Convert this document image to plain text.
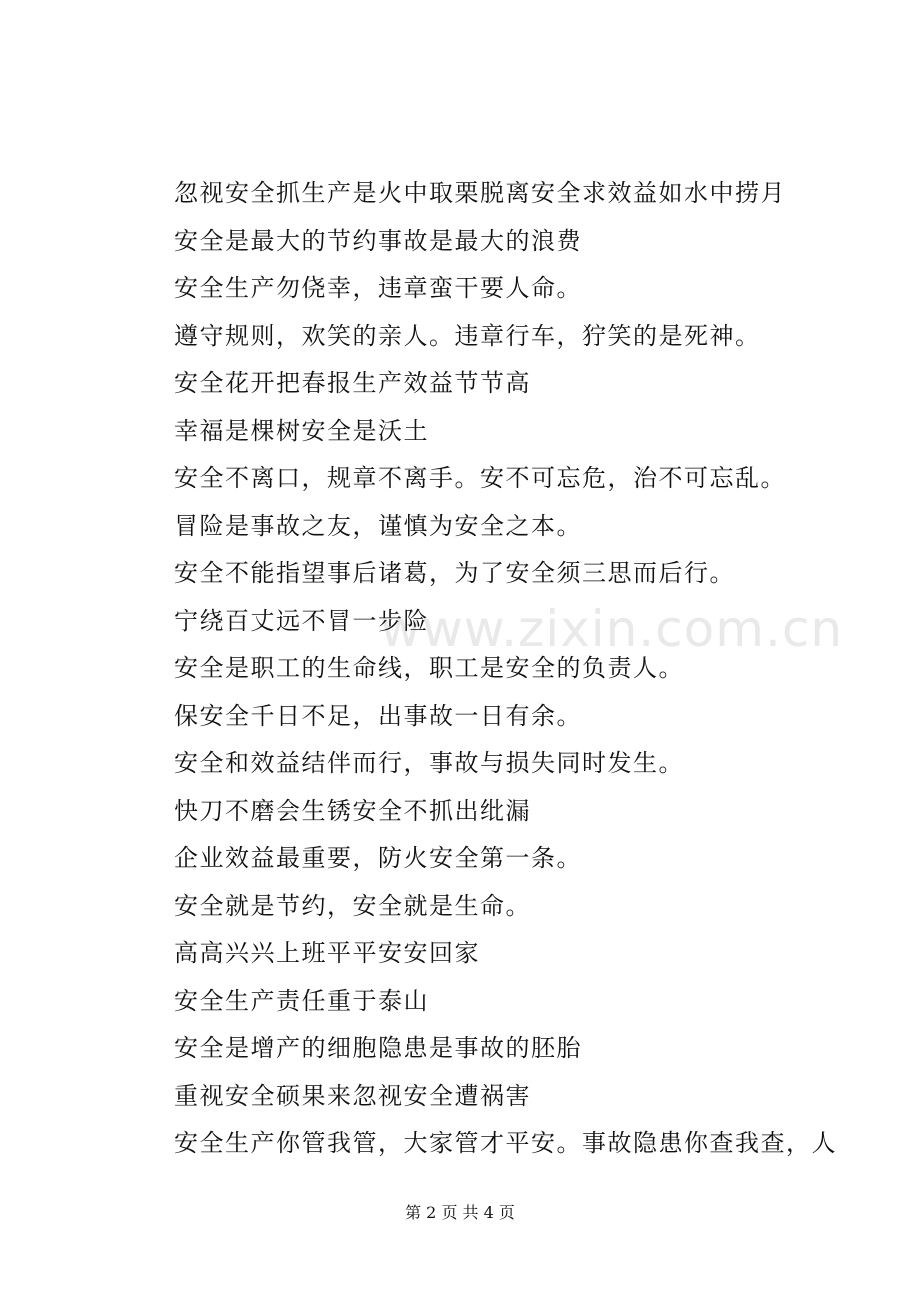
www.zixin.com.cn
忽视安全抓生产是火中取栗脱离安全求效益如水中捞月
安全是最大的节约事故是最大的浪费
安全生产勿侥幸，违章蛮干要人命。
遵守规则，欢笑的亲人。违章行车，狞笑的是死神。
安全花开把春报生产效益节节高
幸福是棵树安全是沃土
安全不离口，规章不离手。安不可忘危，治不可忘乱。
冒险是事故之友，谨慎为安全之本。
安全不能指望事后诸葛，为了安全须三思而后行。
宁绕百丈远不冒一步险
安全是职工的生命线，职工是安全的负责人。
保安全千日不足，出事故一日有余。
安全和效益结伴而行，事故与损失同时发生。
快刀不磨会生锈安全不抓出纰漏
企业效益最重要，防火安全第一条。
安全就是节约，安全就是生命。
高高兴兴上班平平安安回家
安全生产责任重于泰山
安全是增产的细胞隐患是事故的胚胎
重视安全硕果来忽视安全遭祸害
安全生产你管我管，大家管才平安。事故隐患你查我查，人
第 2 页 共 4 页
